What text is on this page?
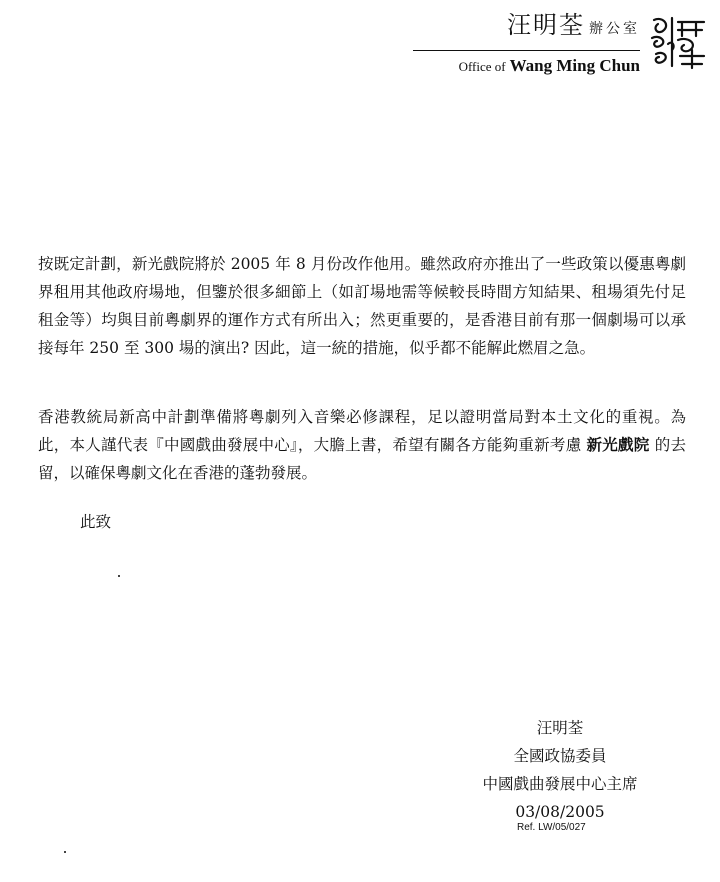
汪明荃 辦公室
Office of Wang Ming Chun

按既定計劃，新光戲院將於 2005 年 8 月份改作他用。雖然政府亦推出了一些政策以優惠粵劇界租用其他政府場地，但鑒於很多細節上（如訂場地需等候較長時間方知結果、租場須先付足租金等）均與目前粵劇界的運作方式有所出入；然更重要的，是香港目前有那一個劇場可以承接每年 250 至 300 場的演出? 因此，這一統的措施，似乎都不能解此燃眉之急。

香港教統局新高中計劃準備將粵劇列入音樂必修課程，足以證明當局對本土文化的重視。為此，本人謹代表『中國戲曲發展中心』，大膽上書，希望有關各方能夠重新考慮 新光戲院 的去留，以確保粵劇文化在香港的蓬勃發展。

此致
汪明荃
全國政協委員
中國戲曲發展中心主席
03/08/2005
Ref. LW/05/027
